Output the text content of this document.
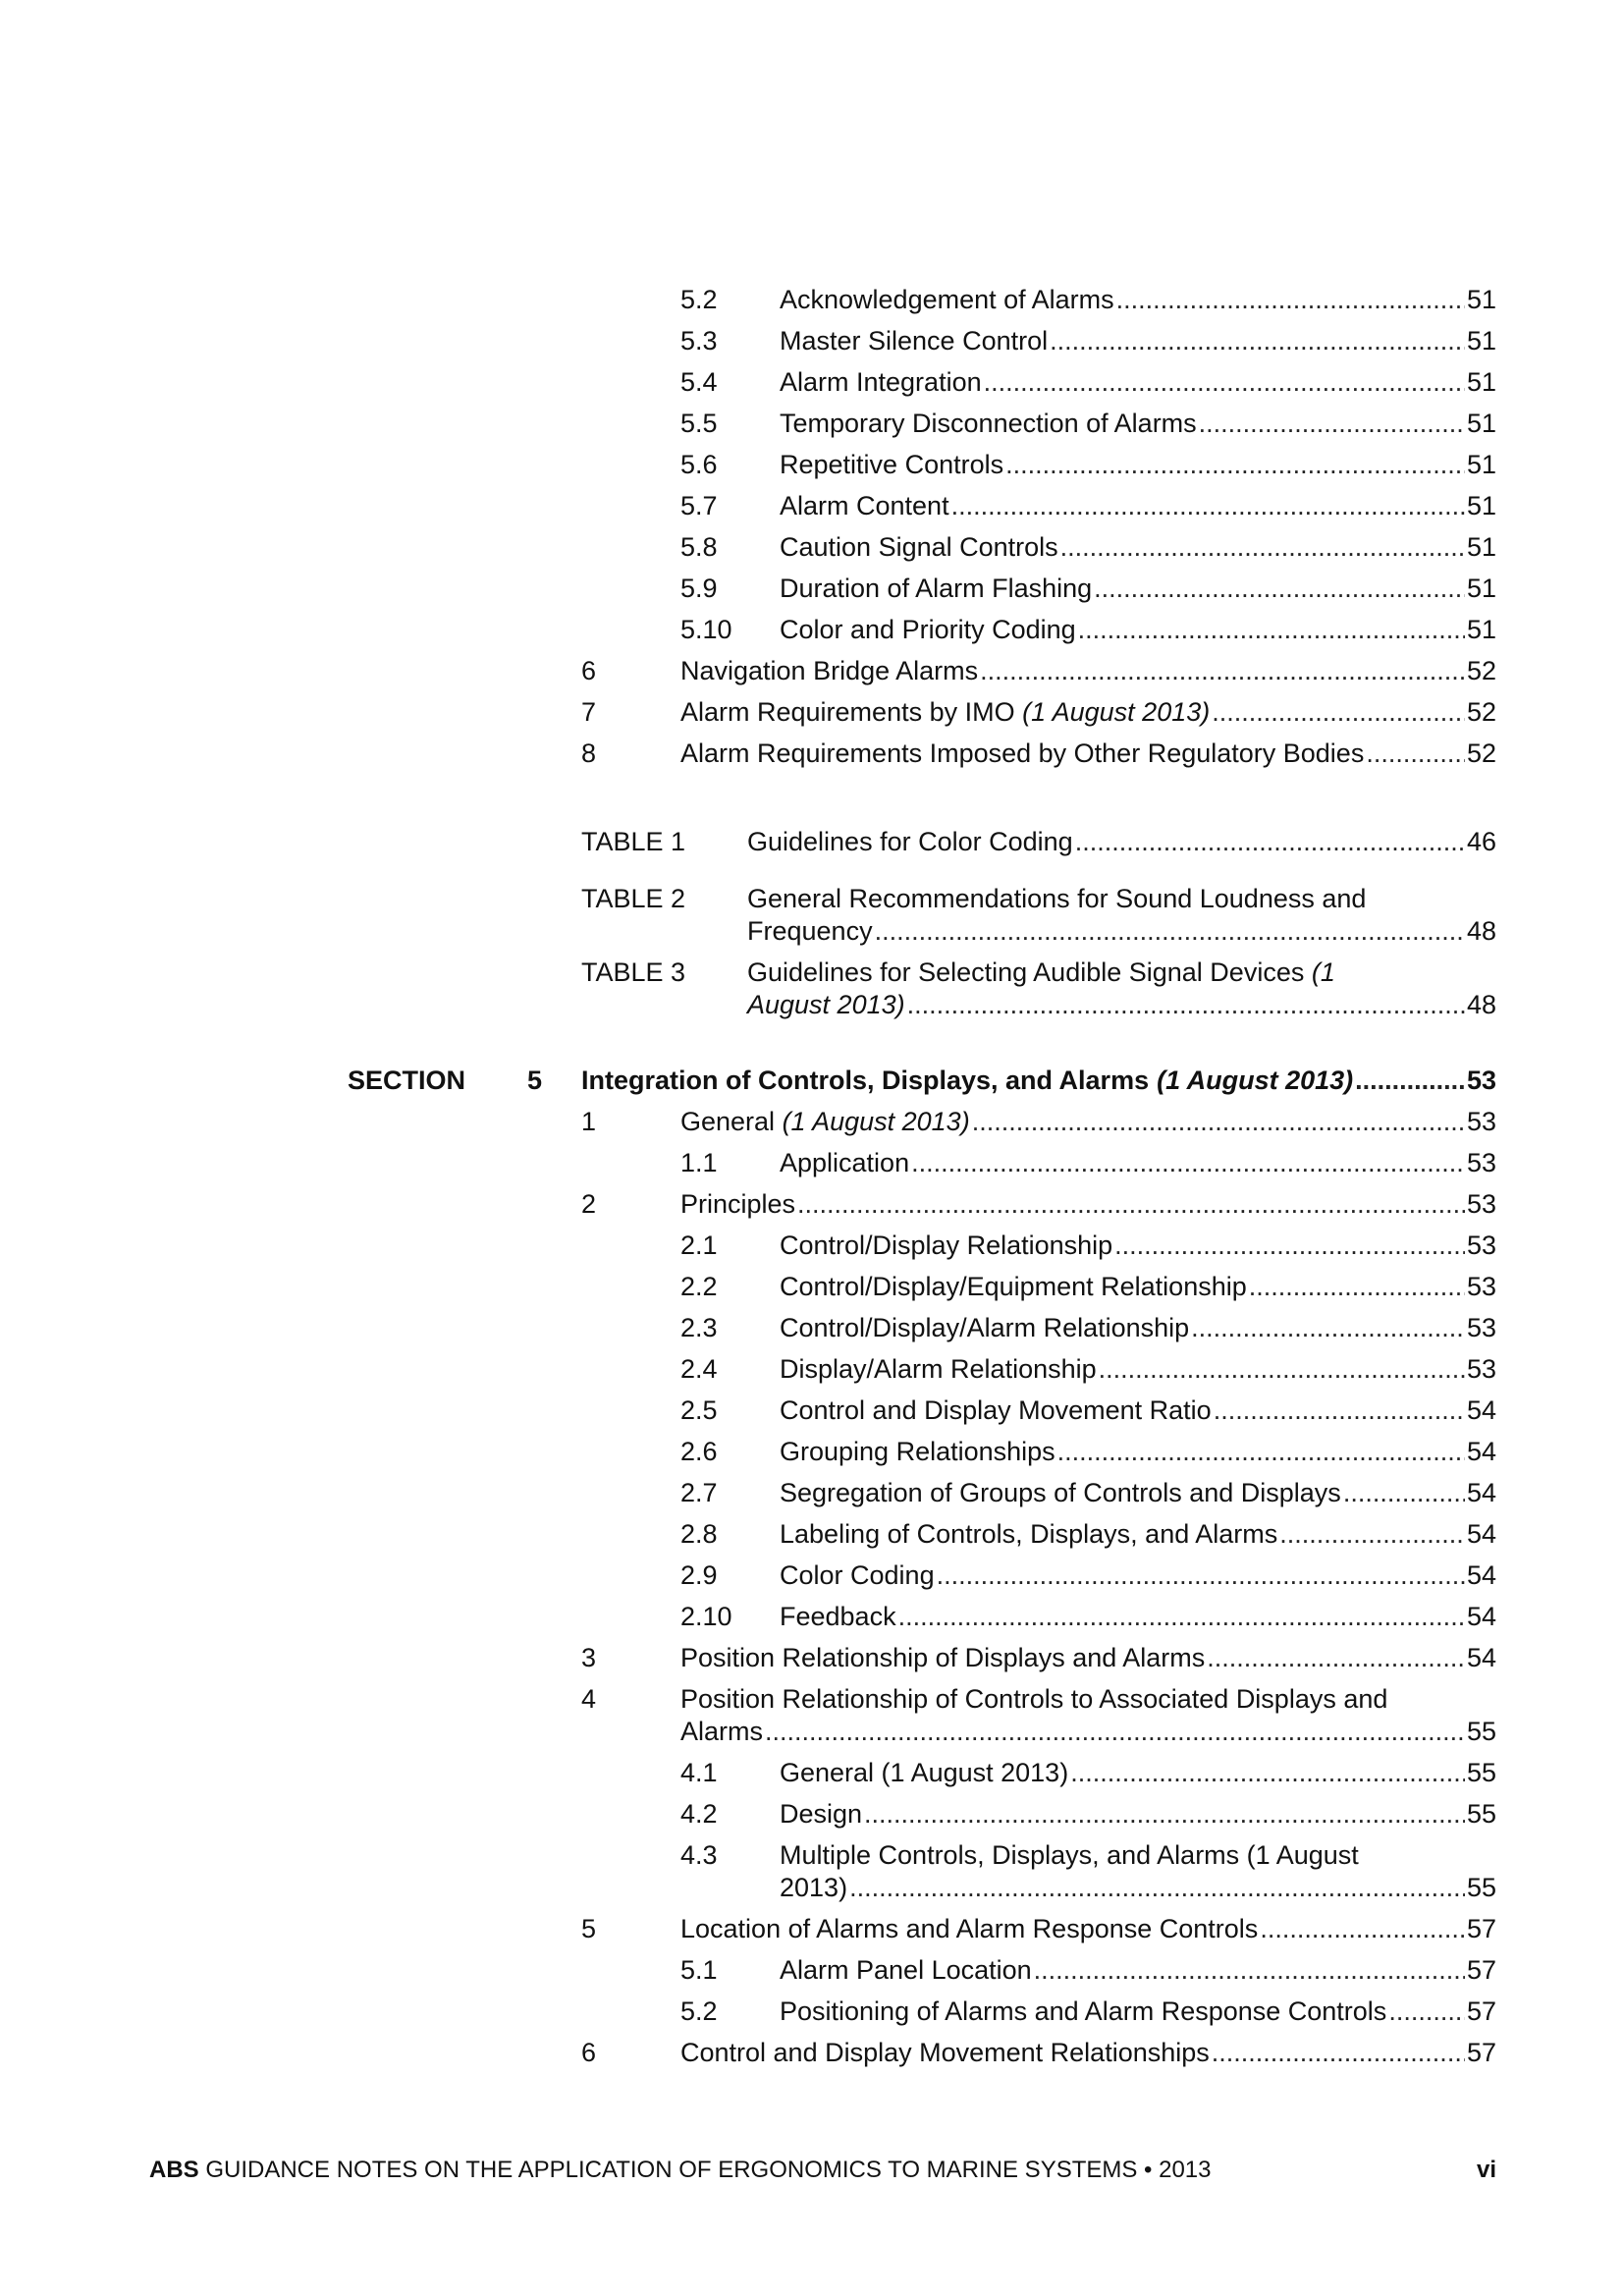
5.2 Acknowledgement of Alarms .....	51
5.3 Master Silence Control .....	51
5.4 Alarm Integration .....	51
5.5 Temporary Disconnection of Alarms .....	51
5.6 Repetitive Controls .....	51
5.7 Alarm Content .....	51
5.8 Caution Signal Controls .....	51
5.9 Duration of Alarm Flashing .....	51
5.10 Color and Priority Coding .....	51
6	Navigation Bridge Alarms .....	52
7	Alarm Requirements by IMO (1 August 2013) .....	52
8	Alarm Requirements Imposed by Other Regulatory Bodies .....	52
TABLE 1 Guidelines for Color Coding .....	46
TABLE 2 General Recommendations for Sound Loudness and
Frequency .....	48
TABLE 3 Guidelines for Selecting Audible Signal Devices (1
August 2013) .....	48
SECTION 5 Integration of Controls, Displays, and Alarms (1 August 2013) .....	53
1	General (1 August 2013) .....	53
1.1 Application .....	53
2	Principles .....	53
2.1 Control/Display Relationship .....	53
2.2 Control/Display/Equipment Relationship .....	53
2.3 Control/Display/Alarm Relationship .....	53
2.4 Display/Alarm Relationship .....	53
2.5 Control and Display Movement Ratio .....	54
2.6 Grouping Relationships .....	54
2.7 Segregation of Groups of Controls and Displays .....	54
2.8 Labeling of Controls, Displays, and Alarms .....	54
2.9 Color Coding .....	54
2.10 Feedback .....	54
3	Position Relationship of Displays and Alarms .....	54
4	Position Relationship of Controls to Associated Displays and
Alarms .....	55
4.1 General (1 August 2013) .....	55
4.2 Design .....	55
4.3 Multiple Controls, Displays, and Alarms (1 August
2013) .....	55
5	Location of Alarms and Alarm Response Controls .....	57
5.1 Alarm Panel Location .....	57
5.2 Positioning of Alarms and Alarm Response Controls .....	57
6	Control and Display Movement Relationships .....	57
ABS GUIDANCE NOTES ON THE APPLICATION OF ERGONOMICS TO MARINE SYSTEMS • 2013	vi
